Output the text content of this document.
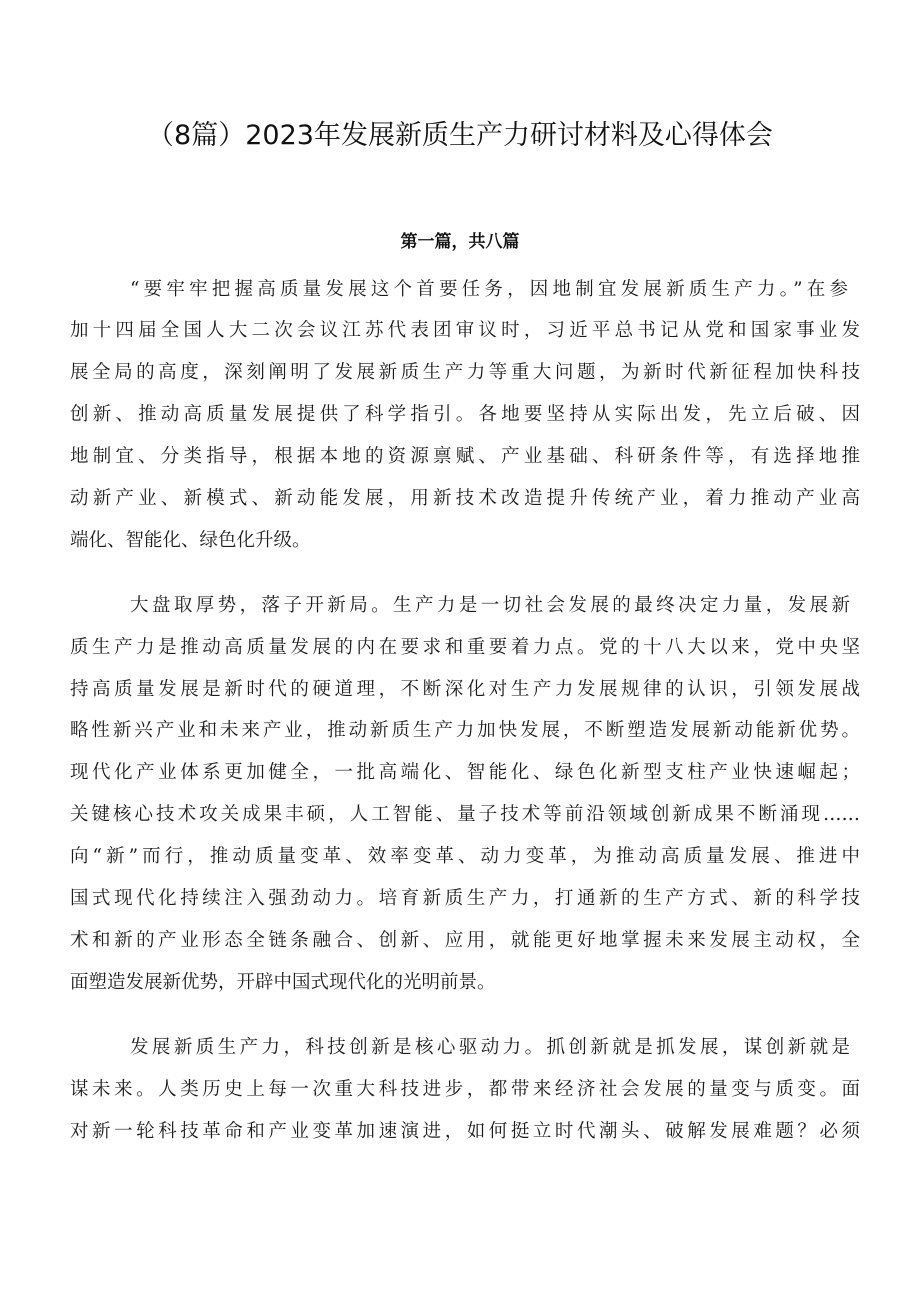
（8篇）2023年发展新质生产力研讨材料及心得体会
第一篇，共八篇
“要牢牢把握高质量发展这个首要任务，因地制宜发展新质生产力。”在参
加十四届全国人大二次会议江苏代表团审议时，习近平总书记从党和国家事业发
展全局的高度，深刻阐明了发展新质生产力等重大问题，为新时代新征程加快科技
创新、推动高质量发展提供了科学指引。各地要坚持从实际出发，先立后破、因
地制宜、分类指导，根据本地的资源禀赋、产业基础、科研条件等，有选择地推
动新产业、新模式、新动能发展，用新技术改造提升传统产业，着力推动产业高
端化、智能化、绿色化升级。
大盘取厚势，落子开新局。生产力是一切社会发展的最终决定力量，发展新
质生产力是推动高质量发展的内在要求和重要着力点。党的十八大以来，党中央坚
持高质量发展是新时代的硬道理，不断深化对生产力发展规律的认识，引领发展战
略性新兴产业和未来产业，推动新质生产力加快发展，不断塑造发展新动能新优势。
现代化产业体系更加健全，一批高端化、智能化、绿色化新型支柱产业快速崛起；
关键核心技术攻关成果丰硕，人工智能、量子技术等前沿领域创新成果不断涌现……
向“新”而行，推动质量变革、效率变革、动力变革，为推动高质量发展、推进中
国式现代化持续注入强劲动力。培育新质生产力，打通新的生产方式、新的科学技
术和新的产业形态全链条融合、创新、应用，就能更好地掌握未来发展主动权，全
面塑造发展新优势，开辟中国式现代化的光明前景。
发展新质生产力，科技创新是核心驱动力。抓创新就是抓发展，谋创新就是
谋未来。人类历史上每一次重大科技进步，都带来经济社会发展的量变与质变。面
对新一轮科技革命和产业变革加速演进，如何挺立时代潮头、破解发展难题？必须
